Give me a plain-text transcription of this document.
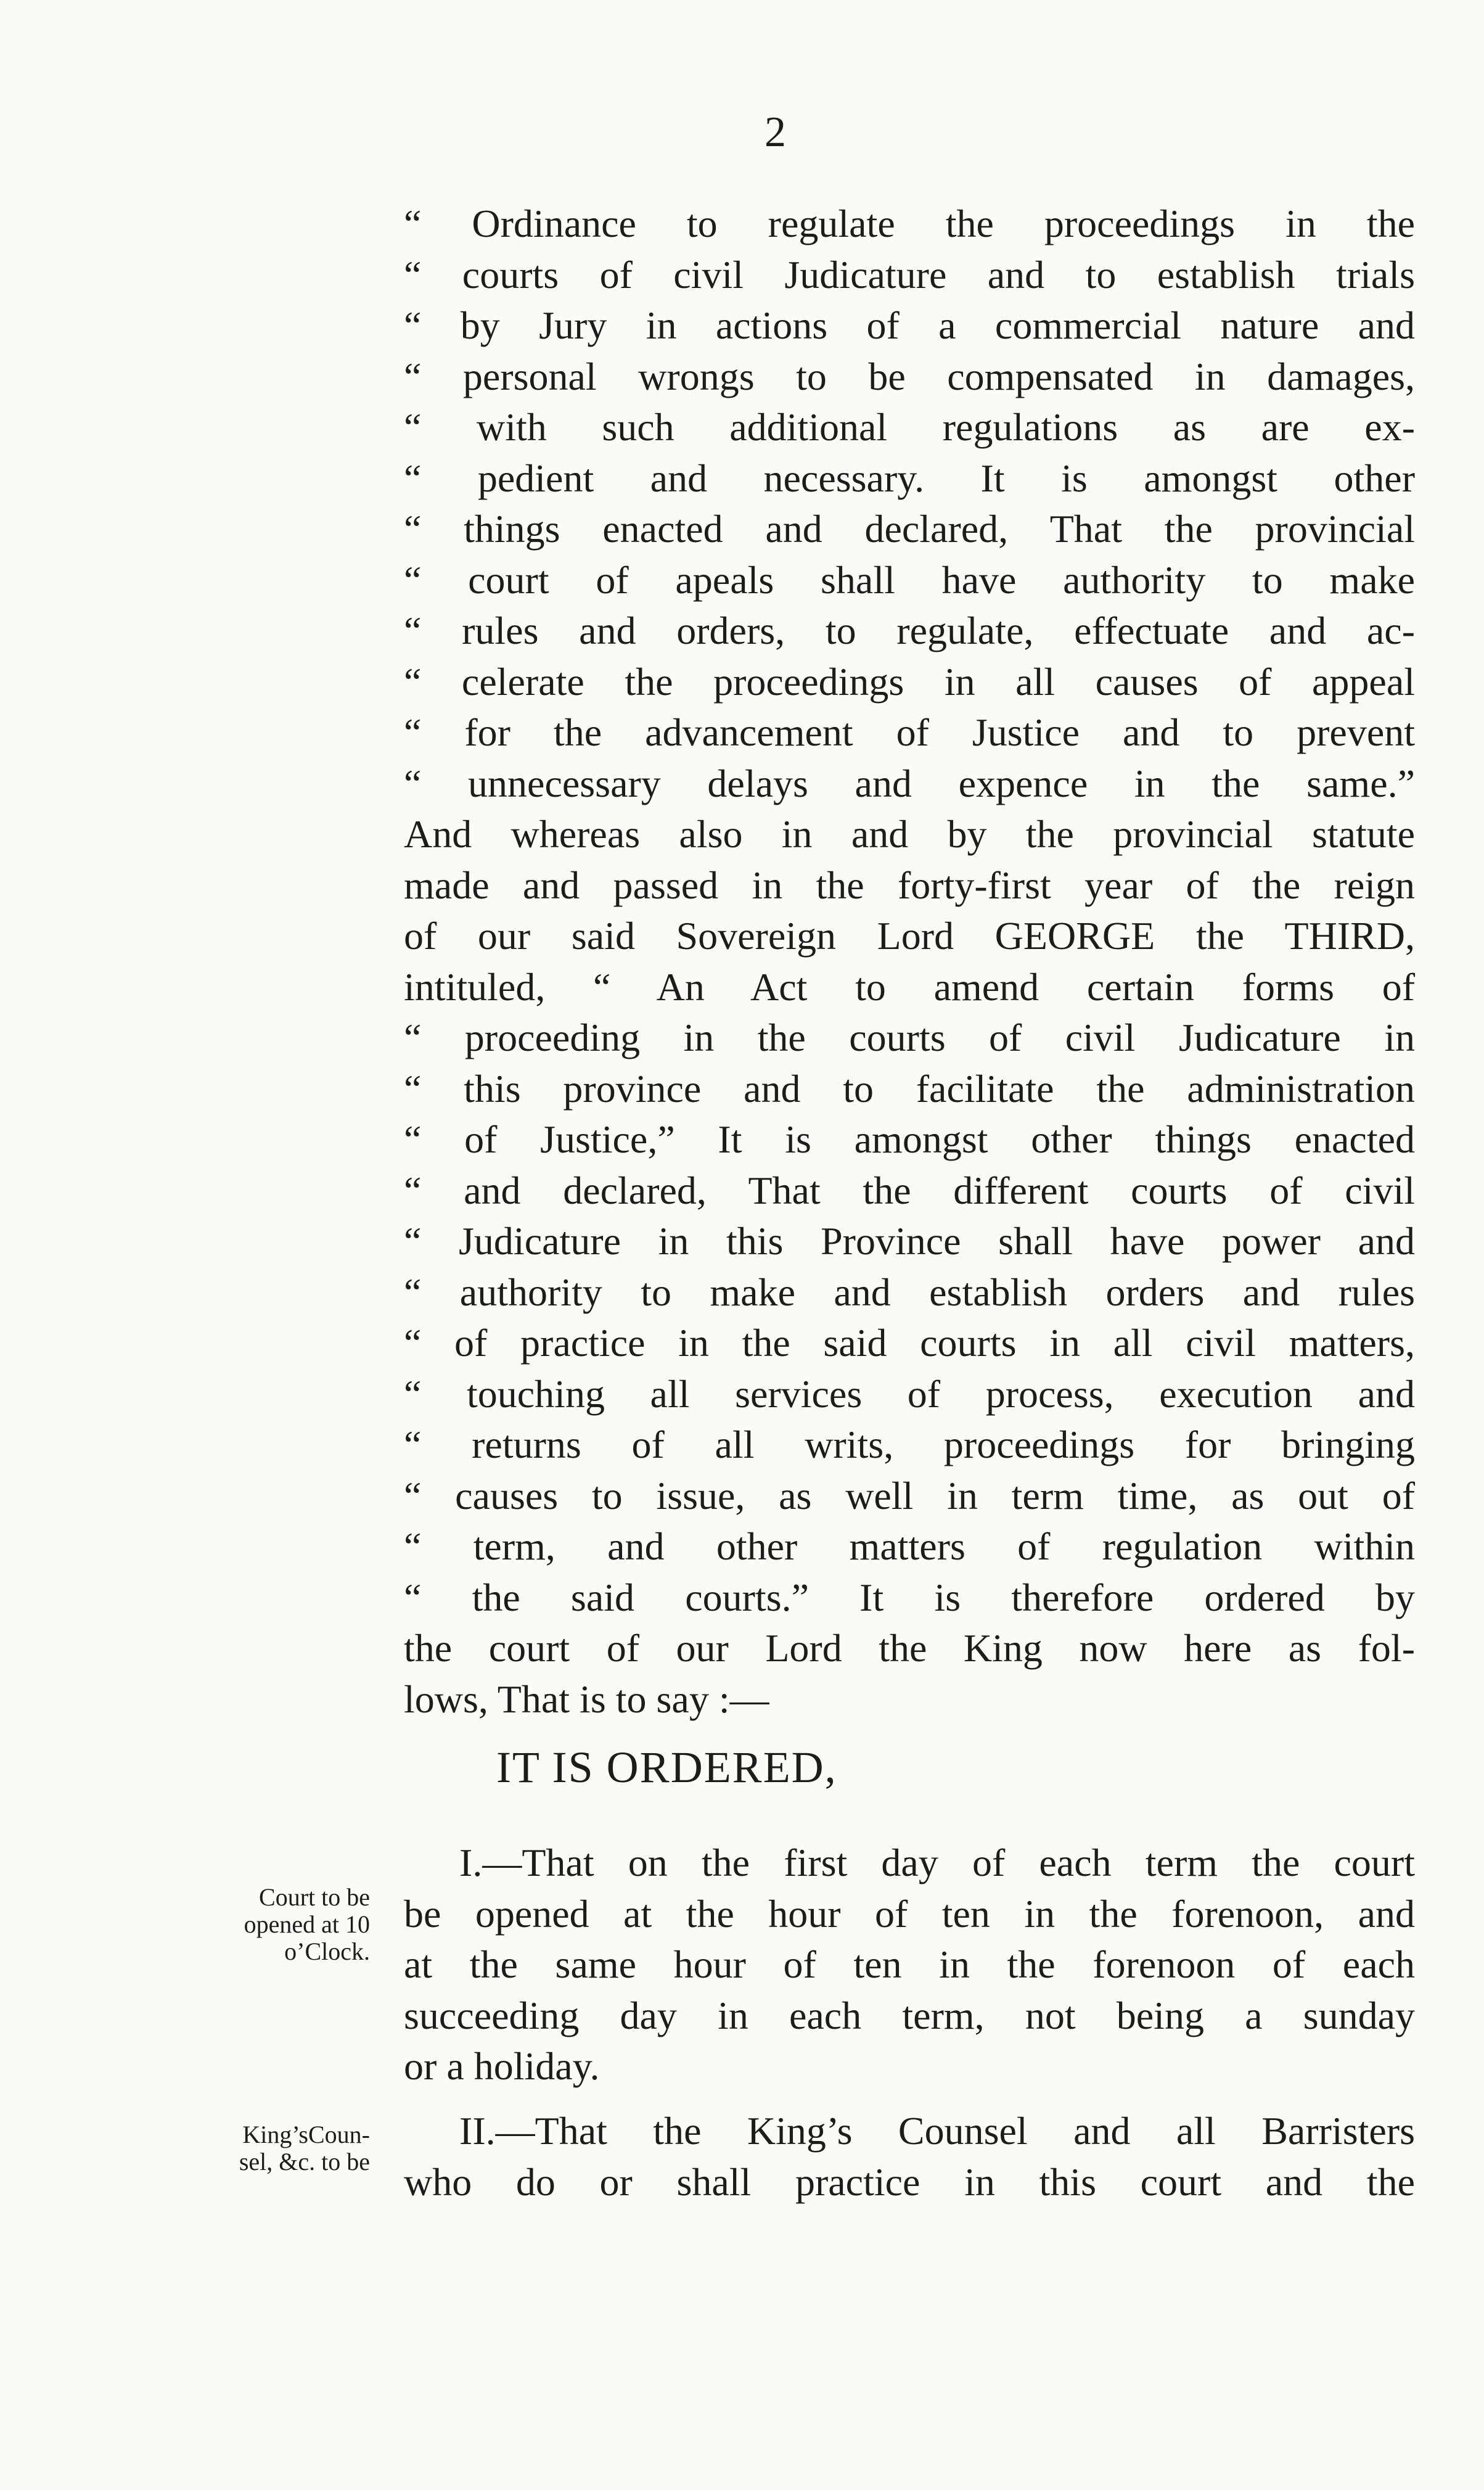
2
“ Ordinance to regulate the proceedings in the
“ courts of civil Judicature and to establish trials
“ by Jury in actions of a commercial nature and
“ personal wrongs to be compensated in damages,
“ with such additional regulations as are ex-
“ pedient and necessary. It is amongst other
“ things enacted and declared, That the provincial
“ court of apeals shall have authority to make
“ rules and orders, to regulate, effectuate and ac-
“ celerate the proceedings in all causes of appeal
“ for the advancement of Justice and to prevent
“ unnecessary delays and expence in the same.”
And whereas also in and by the provincial statute
made and passed in the forty-first year of the reign
of our said Sovereign Lord GEORGE the THIRD,
intituled, “ An Act to amend certain forms of
“ proceeding in the courts of civil Judicature in
“ this province and to facilitate the administration
“ of Justice,” It is amongst other things enacted
“ and declared, That the different courts of civil
“ Judicature in this Province shall have power and
“ authority to make and establish orders and rules
“ of practice in the said courts in all civil matters,
“ touching all services of process, execution and
“ returns of all writs, proceedings for bringing
“ causes to issue, as well in term time, as out of
“ term, and other matters of regulation within
“ the said courts.” It is therefore ordered by
the court of our Lord the King now here as fol-
lows, That is to say :—
IT IS ORDERED,
Court to be
opened at 10
o’Clock.
I.—That on the first day of each term the court
be opened at the hour of ten in the forenoon, and
at the same hour of ten in the forenoon of each
succeeding day in each term, not being a sunday
or a holiday.
King’sCoun-
sel, &c. to be
II.—That the King’s Counsel and all Barristers
who do or shall practice in this court and the
